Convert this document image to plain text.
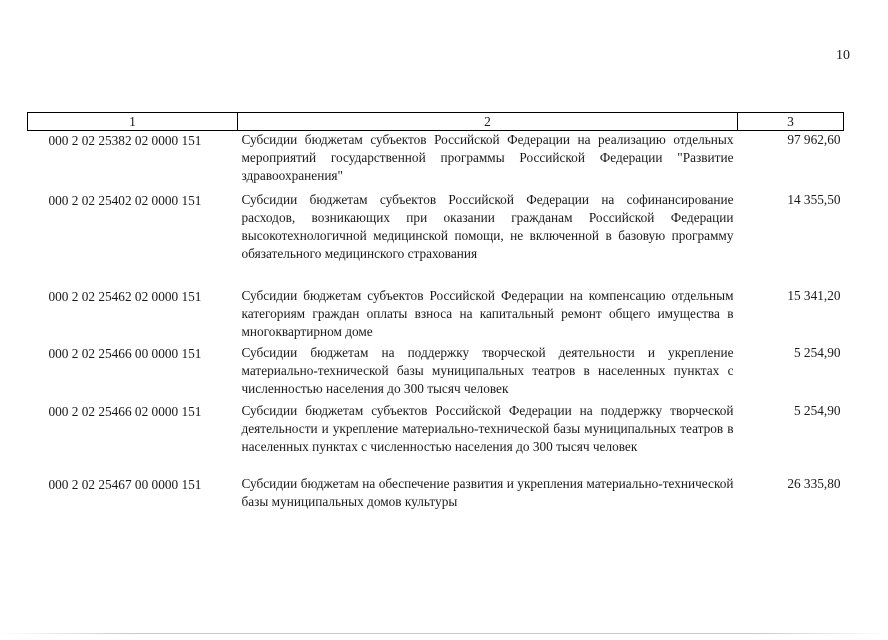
10
1	2	3
000 2 02 25382 02 0000 151	Субсидии бюджетам субъектов Российской Федерации на реализацию отдельных мероприятий государственной программы Российской Федерации "Развитие здравоохранения"	97 962,60
000 2 02 25402 02 0000 151	Субсидии бюджетам субъектов Российской Федерации на софинансирование расходов, возникающих при оказании гражданам Российской Федерации высокотехнологичной медицинской помощи, не включенной в базовую программу обязательного медицинского страхования	14 355,50
000 2 02 25462 02 0000 151	Субсидии бюджетам субъектов Российской Федерации на компенсацию отдельным категориям граждан оплаты взноса на капитальный ремонт общего имущества в многоквартирном доме	15 341,20
000 2 02 25466 00 0000 151	Субсидии бюджетам на поддержку творческой деятельности и укрепление материально-технической базы муниципальных театров в населенных пунктах с численностью населения до 300 тысяч человек	5 254,90
000 2 02 25466 02 0000 151	Субсидии бюджетам субъектов Российской Федерации на поддержку творческой деятельности и укрепление материально-технической базы муниципальных театров в населенных пунктах с численностью населения до 300 тысяч человек	5 254,90
000 2 02 25467 00 0000 151	Субсидии бюджетам на обеспечение развития и укрепления материально-технической базы муниципальных домов культуры	26 335,80
